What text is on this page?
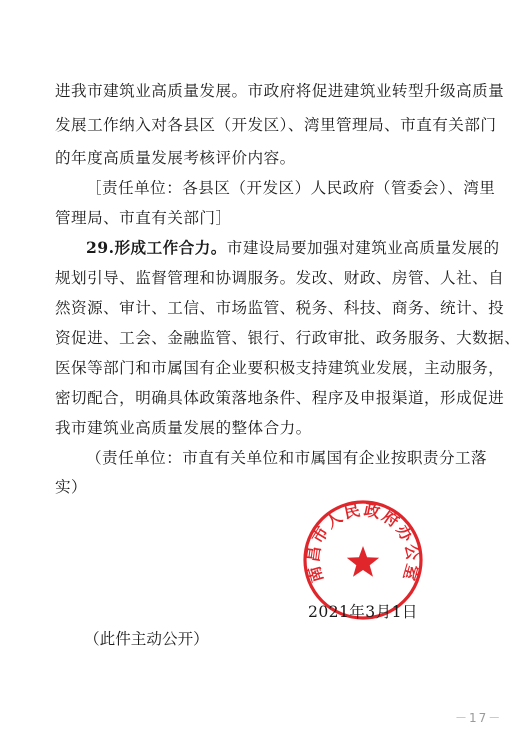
进我市建筑业高质量发展。市政府将促进建筑业转型升级高质量
发展工作纳入对各县区（开发区）、湾里管理局、市直有关部门
的年度高质量发展考核评价内容。
［责任单位：各县区（开发区）人民政府（管委会）、湾里
管理局、市直有关部门］
29.形成工作合力。市建设局要加强对建筑业高质量发展的
规划引导、监督管理和协调服务。发改、财政、房管、人社、自
然资源、审计、工信、市场监管、税务、科技、商务、统计、投
资促进、工会、金融监管、银行、行政审批、政务服务、大数据、
医保等部门和市属国有企业要积极支持建筑业发展，主动服务，
密切配合，明确具体政策落地条件、程序及申报渠道，形成促进
我市建筑业高质量发展的整体合力。
（责任单位：市直有关单位和市属国有企业按职责分工落
实）
南昌市人民政府办公室
2021年3月1日
（此件主动公开）
－17－
